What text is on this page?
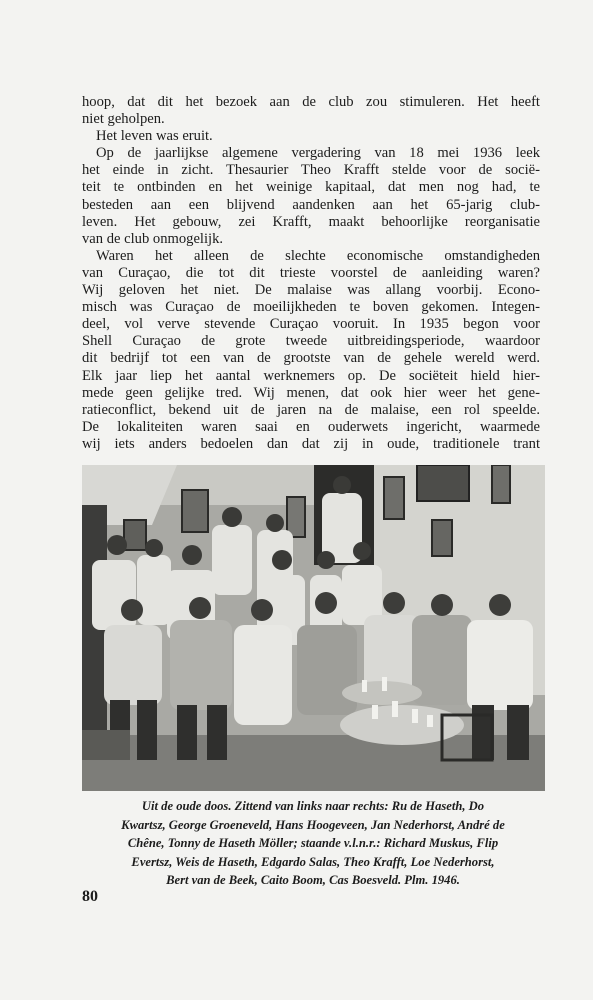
hoop, dat dit het bezoek aan de club zou stimuleren. Het heeft
niet geholpen.
Het leven was eruit.
Op de jaarlijkse algemene vergadering van 18 mei 1936 leek
het einde in zicht. Thesaurier Theo Krafft stelde voor de socië-
teit te ontbinden en het weinige kapitaal, dat men nog had, te
besteden aan een blijvend aandenken aan het 65-jarig club-
leven. Het gebouw, zei Krafft, maakt behoorlijke reorganisatie
van de club onmogelijk.
Waren het alleen de slechte economische omstandigheden
van Curaçao, die tot dit trieste voorstel de aanleiding waren?
Wij geloven het niet. De malaise was allang voorbij. Econo-
misch was Curaçao de moeilijkheden te boven gekomen. Integen-
deel, vol verve stevende Curaçao vooruit. In 1935 begon voor
Shell Curaçao de grote tweede uitbreidingsperiode, waardoor
dit bedrijf tot een van de grootste van de gehele wereld werd.
Elk jaar liep het aantal werknemers op. De sociëteit hield hier-
mede geen gelijke tred. Wij menen, dat ook hier weer het gene-
ratieconflict, bekend uit de jaren na de malaise, een rol speelde.
De lokaliteiten waren saai en ouderwets ingericht, waarmede
wij iets anders bedoelen dan dat zij in oude, traditionele trant
Uit de oude doos. Zittend van links naar rechts: Ru de Haseth, Do
Kwartsz, George Groeneveld, Hans Hoogeveen, Jan Nederhorst, André de
Chêne, Tonny de Haseth Möller; staande v.l.n.r.: Richard Muskus, Flip
Evertsz, Weis de Haseth, Edgardo Salas, Theo Krafft, Loe Nederhorst,
Bert van de Beek, Caito Boom, Cas Boesveld. Plm. 1946.
80
